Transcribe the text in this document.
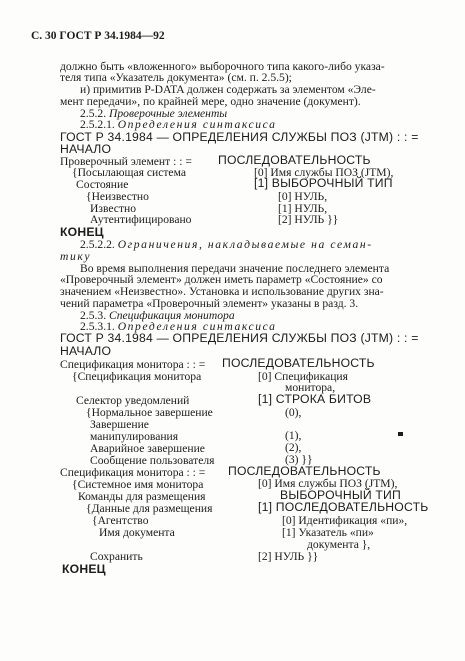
С. 30 ГОСТ Р 34.1984—92
должно быть «вложенного» выборочного типа какого-либо указа-
теля типа «Указатель документа» (см. п. 2.5.5);
и) примитив P-DATA должен содержать за элементом «Эле-
мент передачи», по крайней мере, одно значение (документ).
2.5.2. Проверочные элементы
2.5.2.1. Определения синтаксиса
ГОСТ Р 34.1984 — ОПРЕДЕЛЕНИЯ СЛУЖБЫ ПОЗ (JTM) : : =
НАЧАЛО
Проверочный элемент : : = ПОСЛЕДОВАТЕЛЬНОСТЬ
{Посылающая система	[0] Имя службы ПОЗ (JTM),
Состояние	[1] ВЫБОРОЧНЫЙ ТИП
{Неизвестно	[0] НУЛЬ,
Известно	[1] НУЛЬ,
Аутентифицировано	[2] НУЛЬ }}
КОНЕЦ
2.5.2.2. Ограничения, накладываемые на семан-
тику
Во время выполнения передачи значение последнего элемента
«Проверочный элемент» должен иметь параметр «Состояние» со
значением «Неизвестно». Установка и использование других зна-
чений параметра «Проверочный элемент» указаны в разд. 3.
2.5.3. Спецификация монитора
2.5.3.1. Определения синтаксиса
ГОСТ Р 34.1984 — ОПРЕДЕЛЕНИЯ СЛУЖБЫ ПОЗ (JTM) : : =
НАЧАЛО
Спецификация монитора : : = ПОСЛЕДОВАТЕЛЬНОСТЬ
{Спецификация монитора	[0] Спецификация
монитора,
Селектор уведомлений	[1] СТРОКА БИТОВ
{Нормальное завершение	(0),
Завершение
манипулирования	(1),
Аварийное завершение	(2),
Сообщение пользователя	(3) }}
Спецификация монитора : : = ПОСЛЕДОВАТЕЛЬНОСТЬ
{Системное имя монитора	[0] Имя службы ПОЗ (JTM),
Команды для размещения	ВЫБОРОЧНЫЙ ТИП
{Данные для размещения	[1] ПОСЛЕДОВАТЕЛЬНОСТЬ
{Агентство	[0] Идентификация «пи»,
Имя документа	[1] Указатель «пи»
документа },
Сохранить	[2] НУЛЬ }}
КОНЕЦ
